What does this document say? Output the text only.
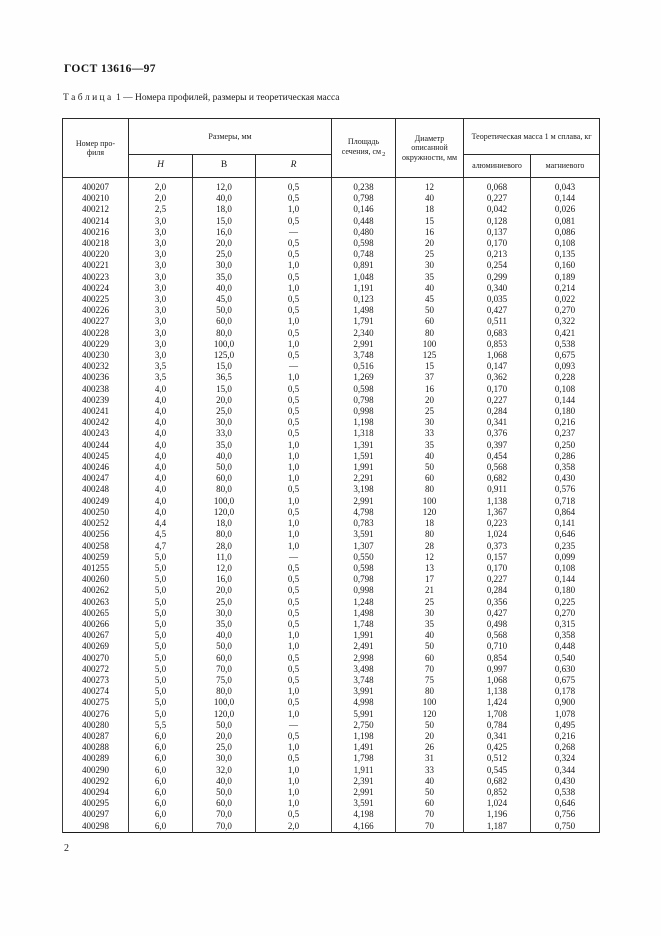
ГОСТ 13616—97
Т а б л и ц а  1 — Номера профилей, размеры и теоретическая масса
Номер про-филя	Размеры, мм			Площадь сечения, $см^2$	Диаметр описанной окружности, мм	Теоретическая масса 1 м сплава, кг	
	Н	В	R			алюминиевого	магниевого
400207	2,0	12,0	0,5	0,238	12	0,068	0,043
400210	2,0	40,0	0,5	0,798	40	0,227	0,144
400212	2,5	18,0	1,0	0,146	18	0,042	0,026
400214	3,0	15,0	0,5	0,448	15	0,128	0,081
400216	3,0	16,0	—	0,480	16	0,137	0,086
400218	3,0	20,0	0,5	0,598	20	0,170	0,108
400220	3,0	25,0	0,5	0,748	25	0,213	0,135
400221	3,0	30,0	1,0	0,891	30	0,254	0,160
400223	3,0	35,0	0,5	1,048	35	0,299	0,189
400224	3,0	40,0	1,0	1,191	40	0,340	0,214
400225	3,0	45,0	0,5	0,123	45	0,035	0,022
400226	3,0	50,0	0,5	1,498	50	0,427	0,270
400227	3,0	60,0	1,0	1,791	60	0,511	0,322
400228	3,0	80,0	0,5	2,340	80	0,683	0,421
400229	3,0	100,0	1,0	2,991	100	0,853	0,538
400230	3,0	125,0	0,5	3,748	125	1,068	0,675
400232	3,5	15,0	—	0,516	15	0,147	0,093
400236	3,5	36,5	1,0	1,269	37	0,362	0,228
400238	4,0	15,0	0,5	0,598	16	0,170	0,108
400239	4,0	20,0	0,5	0,798	20	0,227	0,144
400241	4,0	25,0	0,5	0,998	25	0,284	0,180
400242	4,0	30,0	0,5	1,198	30	0,341	0,216
400243	4,0	33,0	0,5	1,318	33	0,376	0,237
400244	4,0	35,0	1,0	1,391	35	0,397	0,250
400245	4,0	40,0	1,0	1,591	40	0,454	0,286
400246	4,0	50,0	1,0	1,991	50	0,568	0,358
400247	4,0	60,0	1,0	2,291	60	0,682	0,430
400248	4,0	80,0	0,5	3,198	80	0,911	0,576
400249	4,0	100,0	1,0	2,991	100	1,138	0,718
400250	4,0	120,0	0,5	4,798	120	1,367	0,864
400252	4,4	18,0	1,0	0,783	18	0,223	0,141
400256	4,5	80,0	1,0	3,591	80	1,024	0,646
400258	4,7	28,0	1,0	1,307	28	0,373	0,235
400259	5,0	11,0	—	0,550	12	0,157	0,099
401255	5,0	12,0	0,5	0,598	13	0,170	0,108
400260	5,0	16,0	0,5	0,798	17	0,227	0,144
400262	5,0	20,0	0,5	0,998	21	0,284	0,180
400263	5,0	25,0	0,5	1,248	25	0,356	0,225
400265	5,0	30,0	0,5	1,498	30	0,427	0,270
400266	5,0	35,0	0,5	1,748	35	0,498	0,315
400267	5,0	40,0	1,0	1,991	40	0,568	0,358
400269	5,0	50,0	1,0	2,491	50	0,710	0,448
400270	5,0	60,0	0,5	2,998	60	0,854	0,540
400272	5,0	70,0	0,5	3,498	70	0,997	0,630
400273	5,0	75,0	0,5	3,748	75	1,068	0,675
400274	5,0	80,0	1,0	3,991	80	1,138	0,178
400275	5,0	100,0	0,5	4,998	100	1,424	0,900
400276	5,0	120,0	1,0	5,991	120	1,708	1,078
400280	5,5	50,0	—	2,750	50	0,784	0,495
400287	6,0	20,0	0,5	1,198	20	0,341	0,216
400288	6,0	25,0	1,0	1,491	26	0,425	0,268
400289	6,0	30,0	0,5	1,798	31	0,512	0,324
400290	6,0	32,0	1,0	1,911	33	0,545	0,344
400292	6,0	40,0	1,0	2,391	40	0,682	0,430
400294	6,0	50,0	1,0	2,991	50	0,852	0,538
400295	6,0	60,0	1,0	3,591	60	1,024	0,646
400297	6,0	70,0	0,5	4,198	70	1,196	0,756
400298	6,0	70,0	2,0	4,166	70	1,187	0,750
2
